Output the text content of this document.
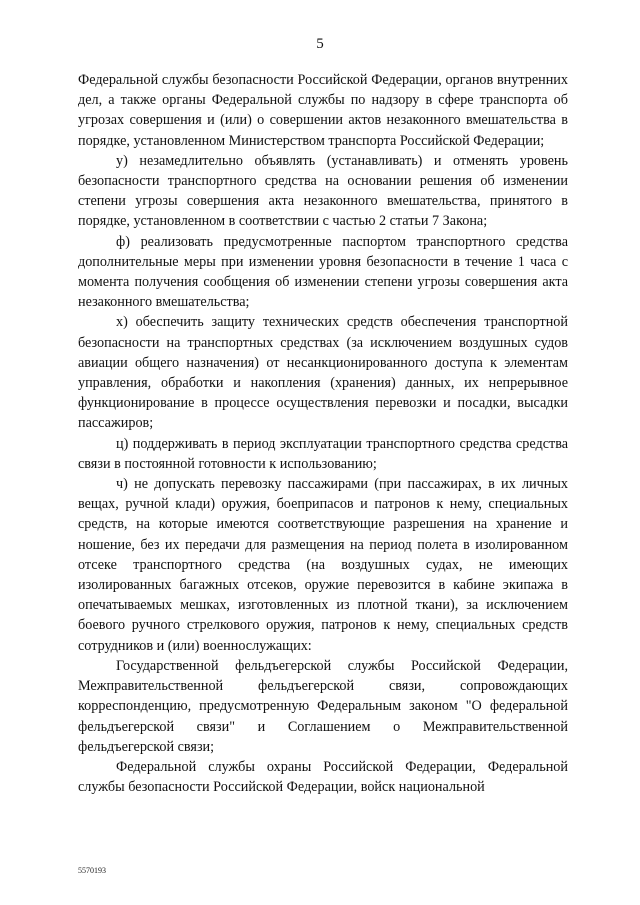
5

Федеральной службы безопасности Российской Федерации, органов внутренних дел, а также органы Федеральной службы по надзору в сфере транспорта об угрозах совершения и (или) о совершении актов незаконного вмешательства в порядке, установленном Министерством транспорта Российской Федерации;

у) незамедлительно объявлять (устанавливать) и отменять уровень безопасности транспортного средства на основании решения об изменении степени угрозы совершения акта незаконного вмешательства, принятого в порядке, установленном в соответствии с частью 2 статьи 7 Закона;

ф) реализовать предусмотренные паспортом транспортного средства дополнительные меры при изменении уровня безопасности в течение 1 часа с момента получения сообщения об изменении степени угрозы совершения акта незаконного вмешательства;

х) обеспечить защиту технических средств обеспечения транспортной безопасности на транспортных средствах (за исключением воздушных судов авиации общего назначения) от несанкционированного доступа к элементам управления, обработки и накопления (хранения) данных, их непрерывное функционирование в процессе осуществления перевозки и посадки, высадки пассажиров;

ц) поддерживать в период эксплуатации транспортного средства средства связи в постоянной готовности к использованию;

ч) не допускать перевозку пассажирами (при пассажирах, в их личных вещах, ручной клади) оружия, боеприпасов и патронов к нему, специальных средств, на которые имеются соответствующие разрешения на хранение и ношение, без их передачи для размещения на период полета в изолированном отсеке транспортного средства (на воздушных судах, не имеющих изолированных багажных отсеков, оружие перевозится в кабине экипажа в опечатываемых мешках, изготовленных из плотной ткани), за исключением боевого ручного стрелкового оружия, патронов к нему, специальных средств сотрудников и (или) военнослужащих:

Государственной фельдъегерской службы Российской Федерации, Межправительственной фельдъегерской связи, сопровождающих корреспонденцию, предусмотренную Федеральным законом "О федеральной фельдъегерской связи" и Соглашением о Межправительственной фельдъегерской связи;

Федеральной службы охраны Российской Федерации, Федеральной службы безопасности Российской Федерации, войск национальной

5570193
